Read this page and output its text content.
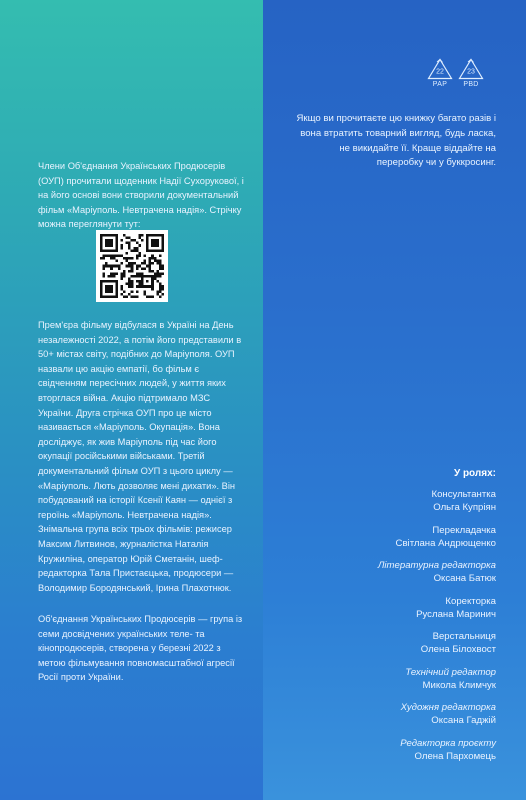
Члени Об'єднання Українських Продюсерів (ОУП) прочитали щоденник Надії Сухорукової, і на його основі вони створили документальний фільм «Маріуполь. Невтрачена надія». Стрічку можна переглянути тут:

Прем'єра фільму відбулася в Україні на День незалежності 2022, а потім його представили в 50+ містах світу, подібних до Маріуполя. ОУП назвали цю акцію емпатії, бо фільм є свідченням пересічних людей, у життя яких вторглася війна. Акцію підтримало МЗС України. Друга стрічка ОУП про це місто називається «Маріуполь. Окупація». Вона досліджує, як жив Маріуполь під час його окупації російськими військами. Третій документальний фільм ОУП з цього циклу — «Маріуполь. Лють дозволяє мені дихати». Він побудований на історії Ксенії Каян — однієї з героїнь «Маріуполь. Невтрачена надія». Знімальна група всіх трьох фільмів: режисер Максим Литвинов, журналістка Наталія Кружиліна, оператор Юрій Сметанін, шеф-редакторка Тала Пристаєцька, продюсери — Володимир Бородянський, Ірина Плахотнюк.

Об'єднання Українських Продюсерів — група із семи досвідчених українських теле- та кінопродюсерів, створена у березні 2022 з метою фільмування повномасштабної агресії Росії проти України.

22
PAP
23
PBD

Якщо ви прочитаєте цю книжку багато разів і вона втратить товарний вигляд, будь ласка, не викидайте її. Краще віддайте на переробку чи у буккросинг.

У ролях:
Консультантка
Ольга Купріян
Перекладачка
Світлана Андрющенко
Літературна редакторка
Оксана Батюк
Коректорка
Руслана Маринич
Верстальниця
Олена Білохвост
Технічний редактор
Микола Климчук
Художня редакторка
Оксана Гаджій
Редакторка проєкту
Олена Пархомець
